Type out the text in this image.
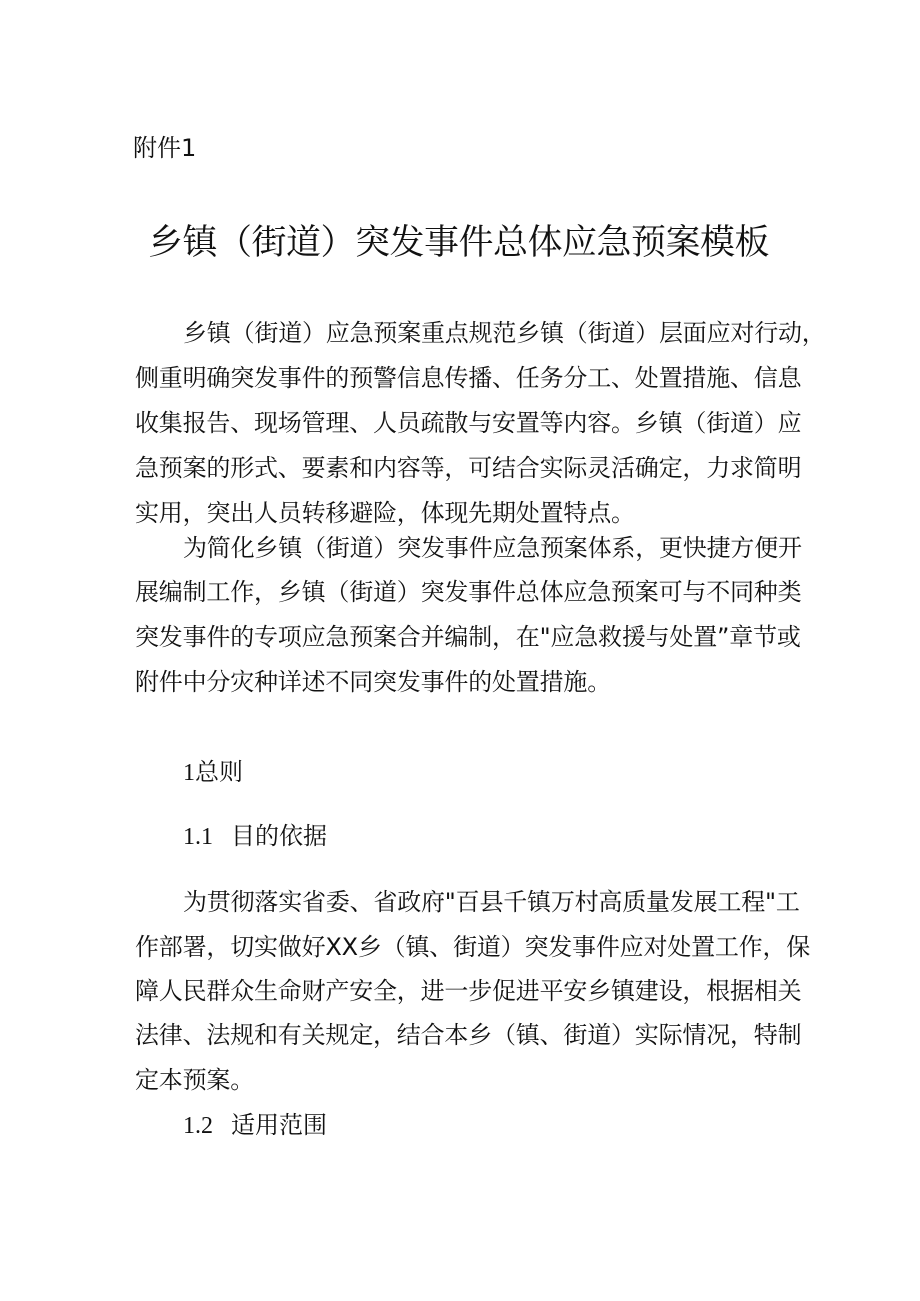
附件1
乡镇（街道）突发事件总体应急预案模板
乡镇（街道）应急预案重点规范乡镇（街道）层面应对行动，
侧重明确突发事件的预警信息传播、任务分工、处置措施、信息
收集报告、现场管理、人员疏散与安置等内容。乡镇（街道）应
急预案的形式、要素和内容等，可结合实际灵活确定，力求简明
实用，突出人员转移避险，体现先期处置特点。
为简化乡镇（街道）突发事件应急预案体系，更快捷方便开
展编制工作，乡镇（街道）突发事件总体应急预案可与不同种类
突发事件的专项应急预案合并编制，在"应急救援与处置”章节或
附件中分灾种详述不同突发事件的处置措施。
1总则
1.1 目的依据
为贯彻落实省委、省政府"百县千镇万村高质量发展工程"工
作部署，切实做好XX乡（镇、街道）突发事件应对处置工作，保
障人民群众生命财产安全，进一步促进平安乡镇建设，根据相关
法律、法规和有关规定，结合本乡（镇、街道）实际情况，特制
定本预案。
1.2 适用范围
